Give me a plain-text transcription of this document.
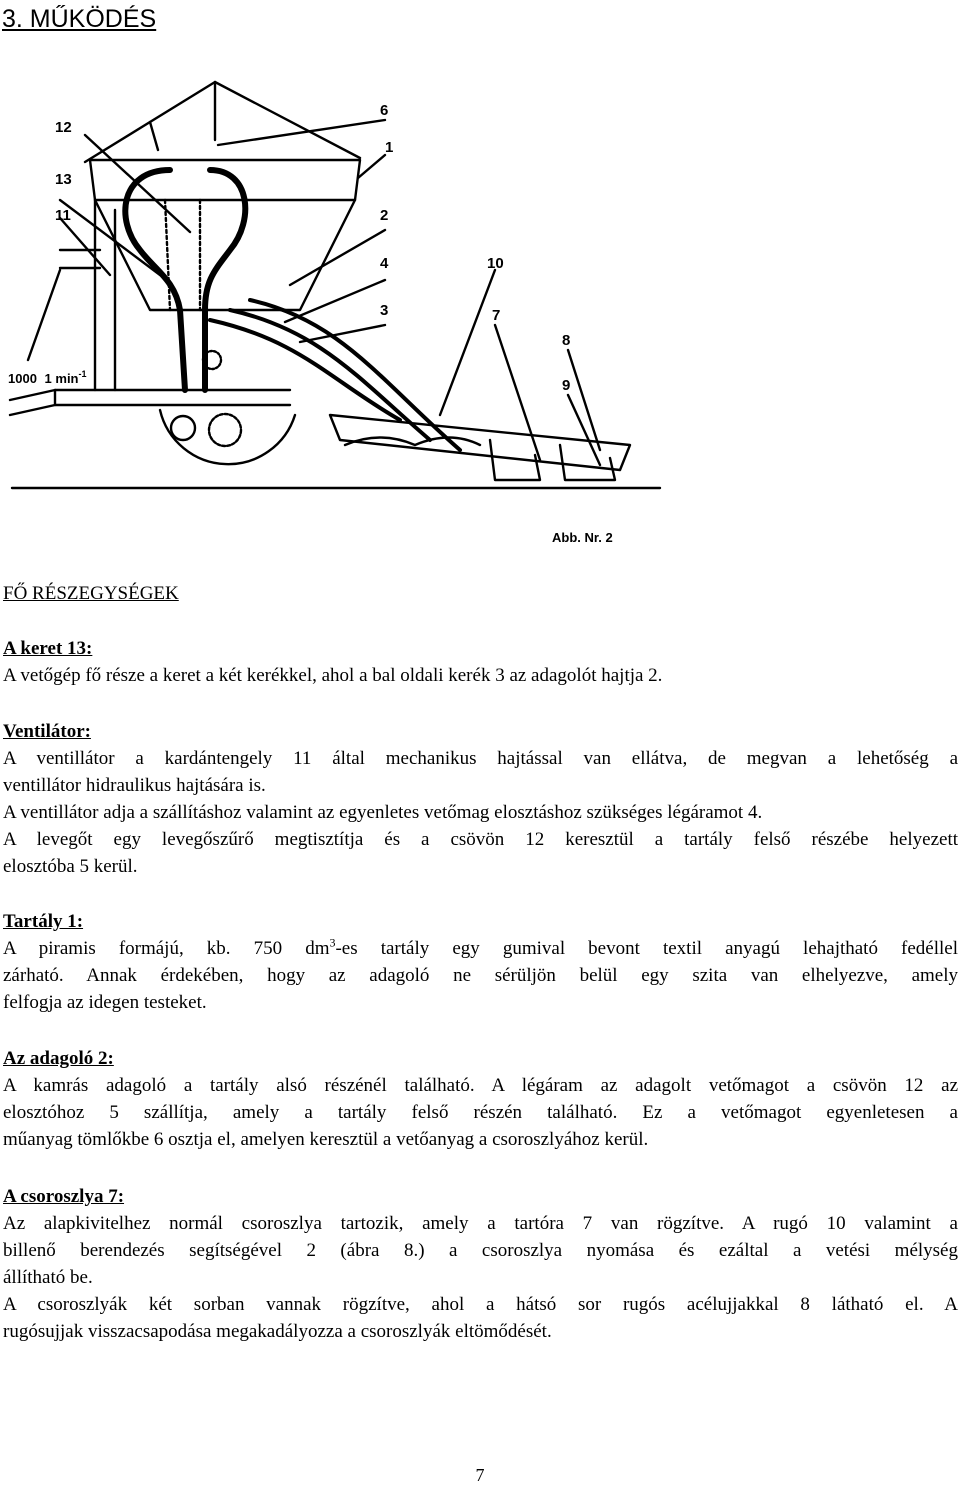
3. MŰKÖDÉS
6
12
1
13
11	2
4	10
3	7
8
9
1000 1 $\min^{-1}$
Abb. Nr. 2
FŐ RÉSZEGYSÉGEK
A keret 13:
A vetőgép fő része a keret a két kerékkel, ahol a bal oldali kerék 3 az adagolót hajtja 2.
Ventilátor:
A ventillátor a kardántengely 11 által mechanikus hajtással van ellátva, de megvan a lehetőség a
ventillátor hidraulikus hajtására is.
A ventillátor adja a szállításhoz valamint az egyenletes vetőmag elosztáshoz szükséges légáramot 4.
A levegőt egy levegőszűrő megtisztítja és a csövön 12 keresztül a tartály felső részébe helyezett
elosztóba 5 kerül.
Tartály 1:
A piramis formájú, kb. 750 $dm^3-es$ tartály egy gumival bevont textil anyagú lehajtható fedéllel
zárható. Annak érdekében, hogy az adagoló ne sérüljön belül egy szita van elhelyezve, amely
felfogja az idegen testeket.
Az adagoló 2:
A kamrás adagoló a tartály alsó részénél található. A légáram az adagolt vetőmagot a csövön 12 az
elosztóhoz 5 szállítja, amely a tartály felső részén található. Ez a vetőmagot egyenletesen a
műanyag tömlőkbe 6 osztja el, amelyen keresztül a vetőanyag a csoroszlyához kerül.
A csoroszlya 7:
Az alapkivitelhez normál csoroszlya tartozik, amely a tartóra 7 van rögzítve. A rugó 10 valamint a
billenő berendezés segítségével 2 (ábra 8.) a csoroszlya nyomása és ezáltal a vetési mélység
állítható be.
A csoroszlyák két sorban vannak rögzítve, ahol a hátsó sor rugós acélujjakkal 8 látható el. A
rugósujjak visszacsapodása megakadályozza a csoroszlyák eltömődését.
7
